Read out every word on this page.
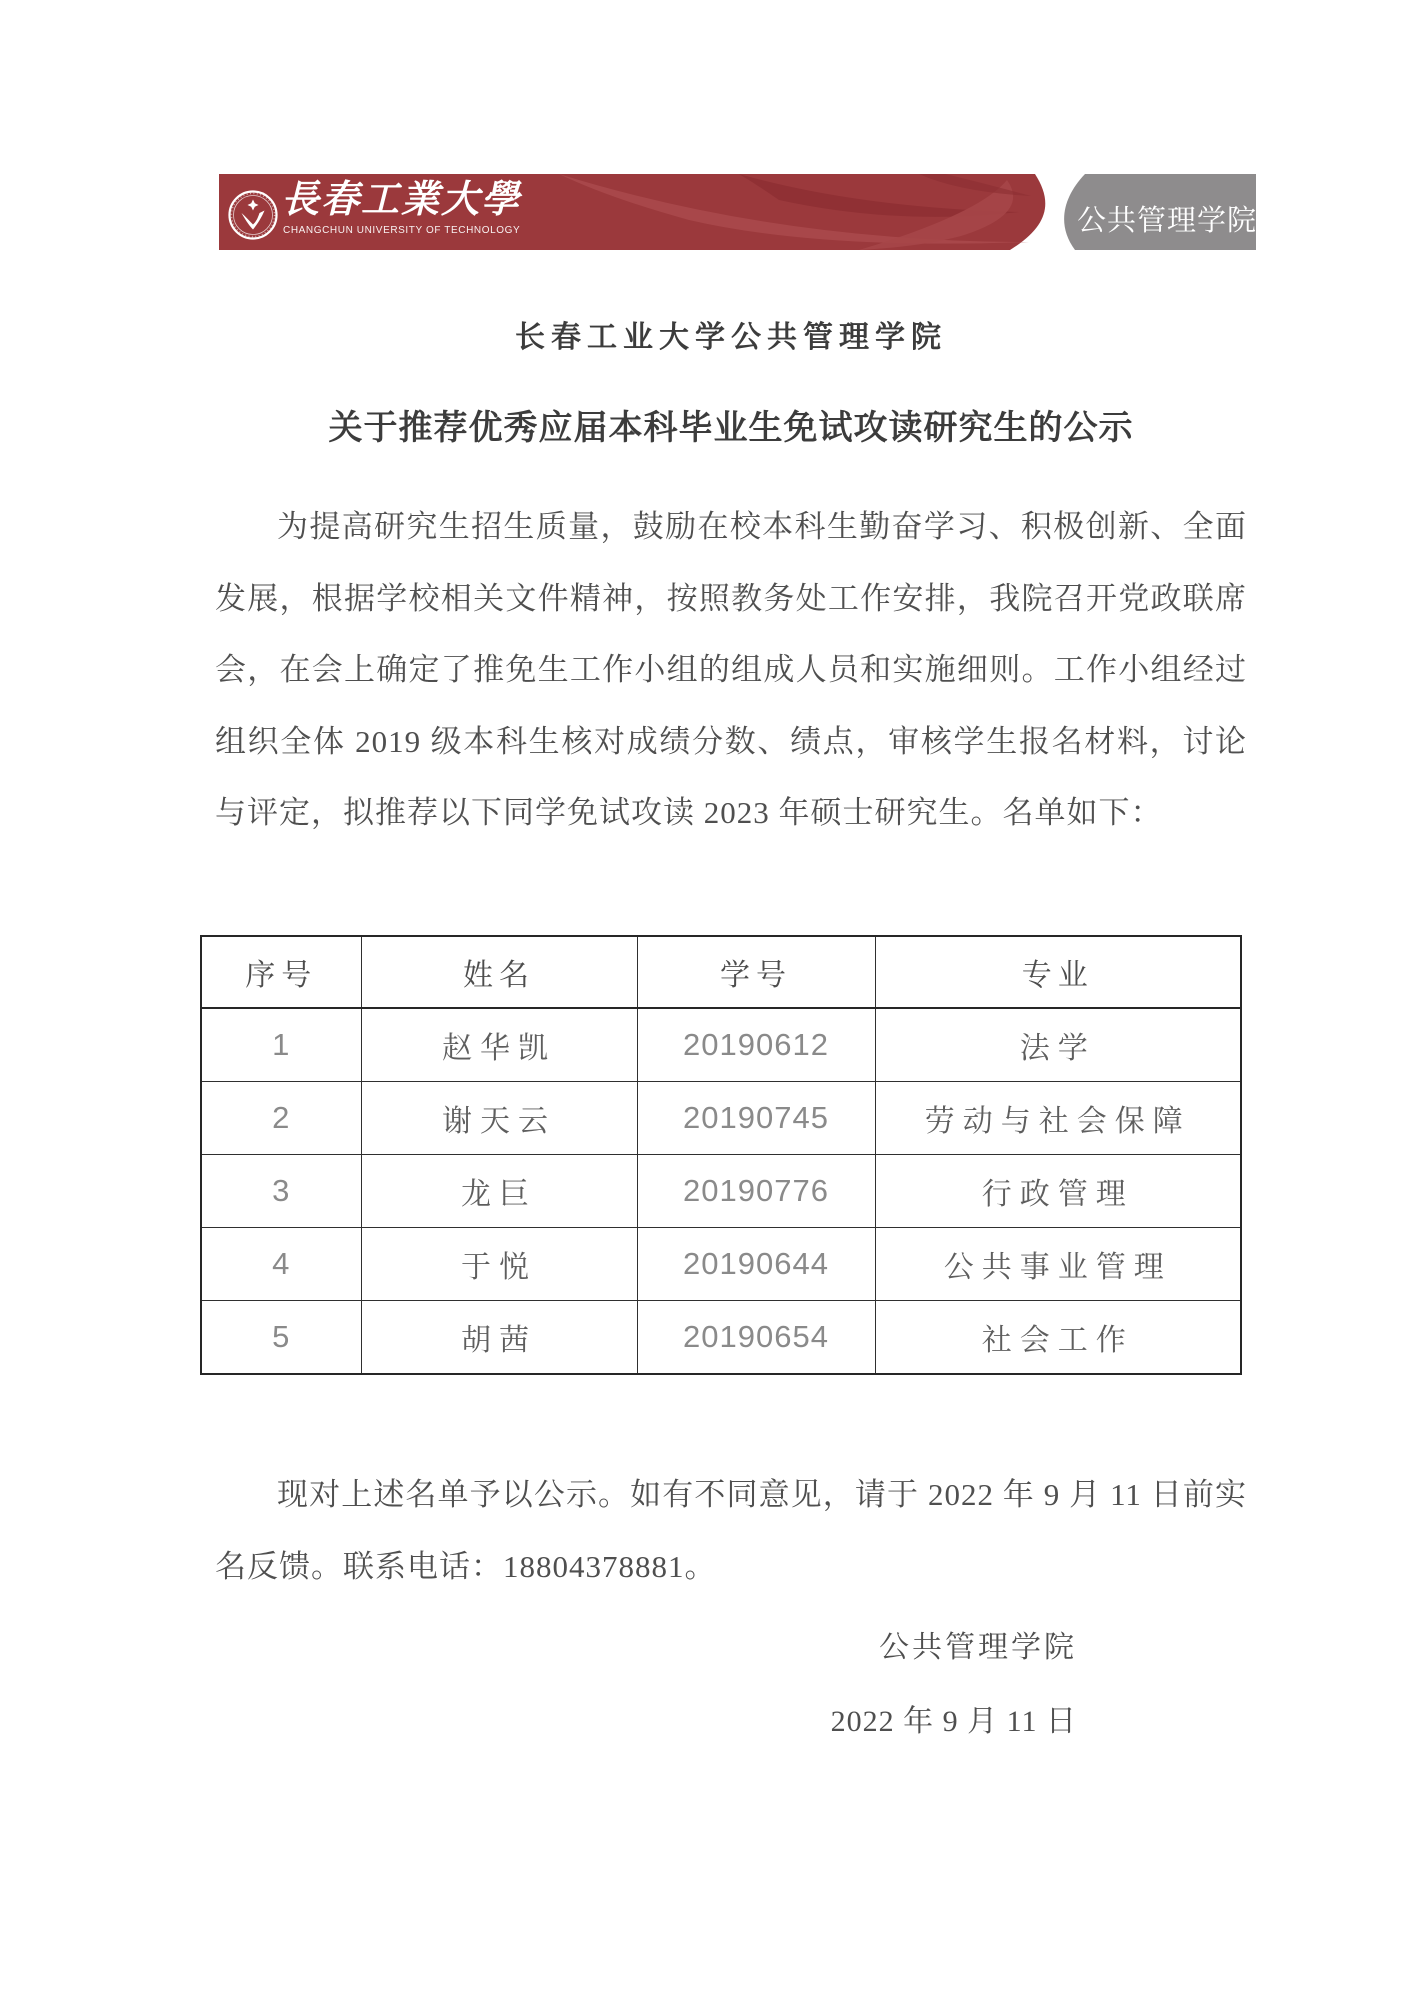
長春工業大學
CHANGCHUN UNIVERSITY OF TECHNOLOGY	公共管理学院
长春工业大学公共管理学院
关于推荐优秀应届本科毕业生免试攻读研究生的公示

为提高研究生招生质量，鼓励在校本科生勤奋学习、积极创新、全面发展，根据学校相关文件精神，按照教务处工作安排，我院召开党政联席会，在会上确定了推免生工作小组的组成人员和实施细则。工作小组经过组织全体 2019 级本科生核对成绩分数、绩点，审核学生报名材料，讨论与评定，拟推荐以下同学免试攻读 2023 年硕士研究生。名单如下：

序号	姓名	学号	专业
1	赵华凯	20190612	法学
2	谢天云	20190745	劳动与社会保障
3	龙巨	20190776	行政管理
4	于悦	20190644	公共事业管理
5	胡茜	20190654	社会工作

现对上述名单予以公示。如有不同意见，请于 2022 年 9 月 11 日前实名反馈。联系电话：18804378881。

公共管理学院
2022 年 9 月 11 日
